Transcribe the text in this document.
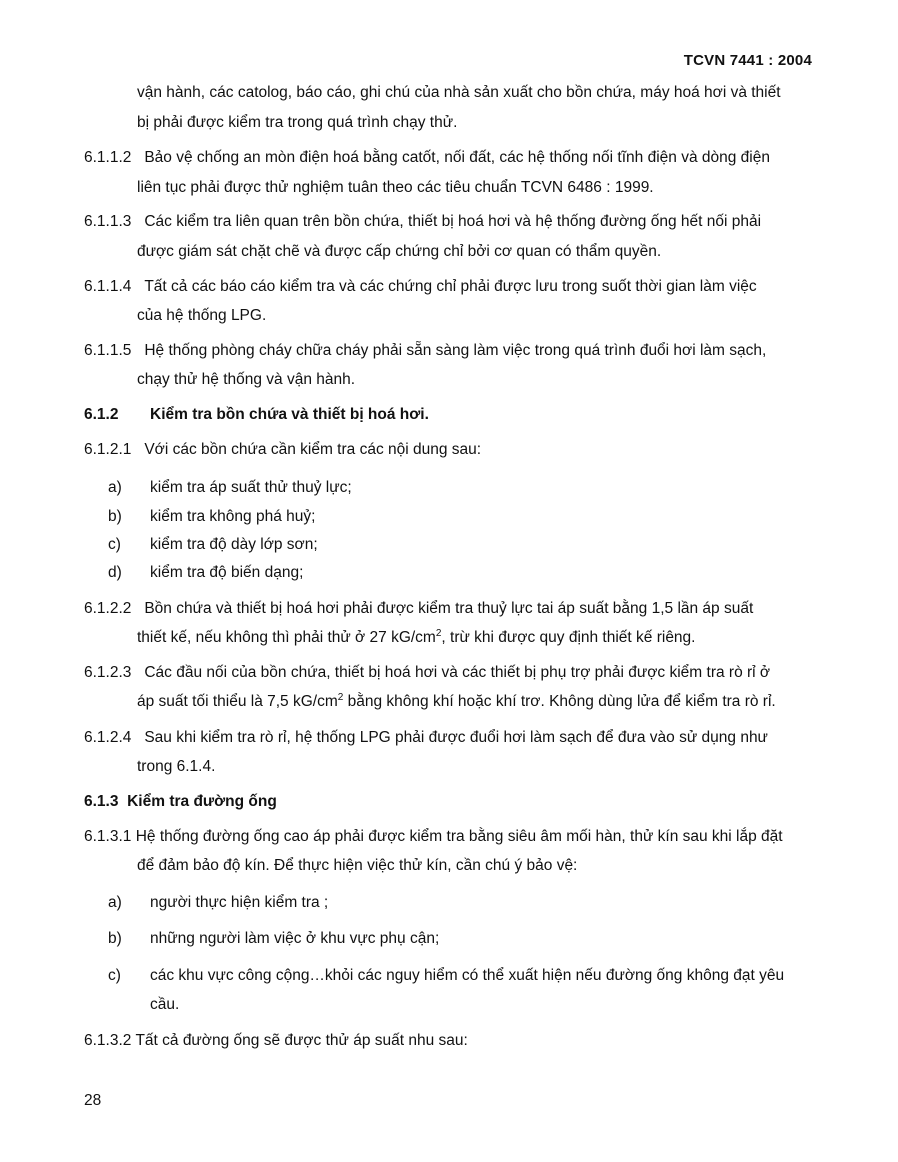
TCVN 7441 : 2004
vận hành, các catolog, báo cáo, ghi chú của nhà sản xuất cho bồn chứa, máy hoá hơi và thiết
bị phải được kiểm tra trong quá trình chạy thử.
6.1.1.2 Bảo vệ chống an mòn điện hoá bằng catốt, nối đất, các hệ thống nối tĩnh điện và dòng điện
liên tục phải được thử nghiệm tuân theo các tiêu chuẩn TCVN 6486 : 1999.
6.1.1.3 Các kiểm tra liên quan trên bồn chứa, thiết bị hoá hơi và hệ thống đường ống hết nối phải
được giám sát chặt chẽ và được cấp chứng chỉ bởi cơ quan có thẩm quyền.
6.1.1.4 Tất cả các báo cáo kiểm tra và các chứng chỉ phải được lưu trong suốt thời gian làm việc
của hệ thống LPG.
6.1.1.5 Hệ thống phòng cháy chữa cháy phải sẵn sàng làm việc trong quá trình đuổi hơi làm sạch,
chạy thử hệ thống và vận hành.
6.1.2 Kiểm tra bồn chứa và thiết bị hoá hơi.
6.1.2.1 Với các bồn chứa cần kiểm tra các nội dung sau:
a) kiểm tra áp suất thử thuỷ lực;
b) kiểm tra không phá huỷ;
c) kiểm tra độ dày lớp sơn;
d) kiểm tra độ biến dạng;
6.1.2.2 Bồn chứa và thiết bị hoá hơi phải được kiểm tra thuỷ lực tai áp suất bằng 1,5 lần áp suất
thiết kế, nếu không thì phải thử ở 27 $kG/cm^2$, trừ khi được quy định thiết kế riêng.
6.1.2.3 Các đầu nối của bồn chứa, thiết bị hoá hơi và các thiết bị phụ trợ phải được kiểm tra rò rỉ ở
áp suất tối thiểu là 7,5 $kG/cm^2$ bằng không khí hoặc khí trơ. Không dùng lửa để kiểm tra rò rỉ.
6.1.2.4 Sau khi kiểm tra rò rỉ, hệ thống LPG phải được đuổi hơi làm sạch để đưa vào sử dụng như
trong 6.1.4.
6.1.3 Kiểm tra đường ống
6.1.3.1 Hệ thống đường ống cao áp phải được kiểm tra bằng siêu âm mối hàn, thử kín sau khi lắp đặt
để đảm bảo độ kín. Để thực hiện việc thử kín, cần chú ý bảo vệ:
a) người thực hiện kiểm tra ;
b) những người làm việc ở khu vực phụ cận;
c) các khu vực công cộng…khỏi các nguy hiểm có thể xuất hiện nếu đường ống không đạt yêu
cầu.
6.1.3.2 Tất cả đường ống sẽ được thử áp suất nhu sau:
28
